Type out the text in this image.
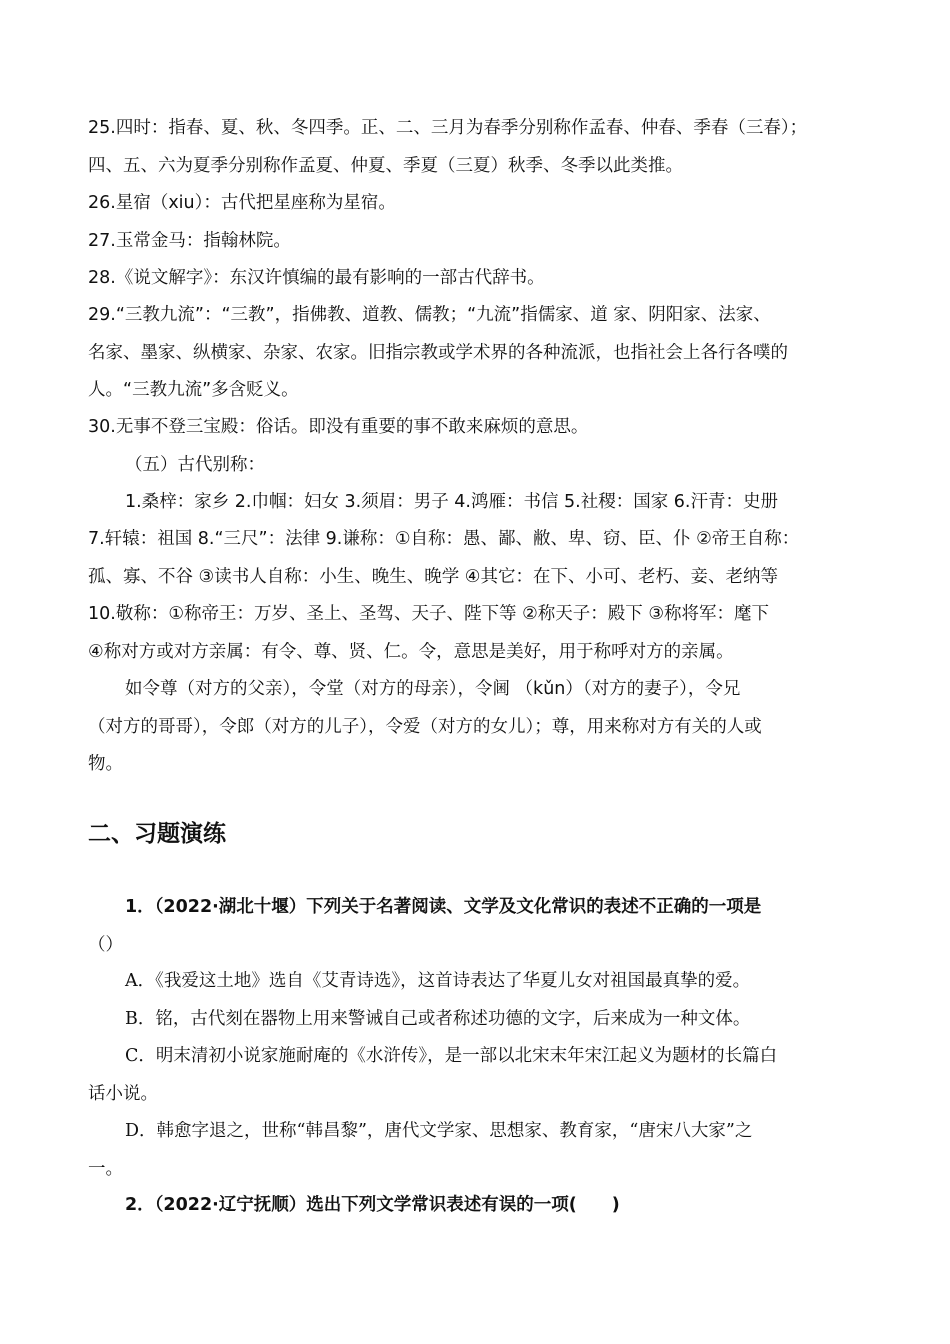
25.四时：指春、夏、秋、冬四季。正、二、三月为春季分别称作孟春、仲春、季春（三春）；
四、五、六为夏季分别称作孟夏、仲夏、季夏（三夏）秋季、冬季以此类推。
26.星宿（xiu）：古代把星座称为星宿。
27.玉常金马：指翰林院。
28.《说文解字》：东汉许慎编的最有影响的一部古代辞书。
29.“三教九流”：“三教”，指佛教、道教、儒教；“九流”指儒家、道 家、阴阳家、法家、
名家、墨家、纵横家、杂家、农家。旧指宗教或学术界的各种流派，也指社会上各行各噗的
人。“三教九流”多含贬义。
30.无事不登三宝殿：俗话。即没有重要的事不敢来麻烦的意思。
（五）古代别称：
1.桑梓：家乡 2.巾帼：妇女 3.须眉：男子 4.鸿雁：书信 5.社稷：国家 6.汗青：史册
7.轩辕：祖国 8.“三尺”：法律 9.谦称：①自称：愚、鄙、敝、卑、窃、臣、仆 ②帝王自称：
孤、寡、不谷 ③读书人自称：小生、晚生、晚学 ④其它：在下、小可、老朽、妾、老纳等
10.敬称：①称帝王：万岁、圣上、圣驾、天子、陛下等 ②称天子：殿下 ③称将军：麾下
④称对方或对方亲属：有令、尊、贤、仁。令，意思是美好，用于称呼对方的亲属。
如令尊（对方的父亲），令堂（对方的母亲），令阃 （kǔn）（对方的妻子），令兄
（对方的哥哥），令郎（对方的儿子），令爱（对方的女儿）；尊，用来称对方有关的人或
物。
二、习题演练
1．（2022·湖北十堰）下列关于名著阅读、文学及文化常识的表述不正确的一项是
（）
A．《我爱这土地》选自《艾青诗选》，这首诗表达了华夏儿女对祖国最真挚的爱。
B．铭，古代刻在器物上用来警诫自己或者称述功德的文字，后来成为一种文体。
C．明末清初小说家施耐庵的《水浒传》，是一部以北宋末年宋江起义为题材的长篇白
话小说。
D．韩愈字退之，世称“韩昌黎”，唐代文学家、思想家、教育家，“唐宋八大家”之
一。
2．（2022·辽宁抚顺）选出下列文学常识表述有误的一项(　　)
